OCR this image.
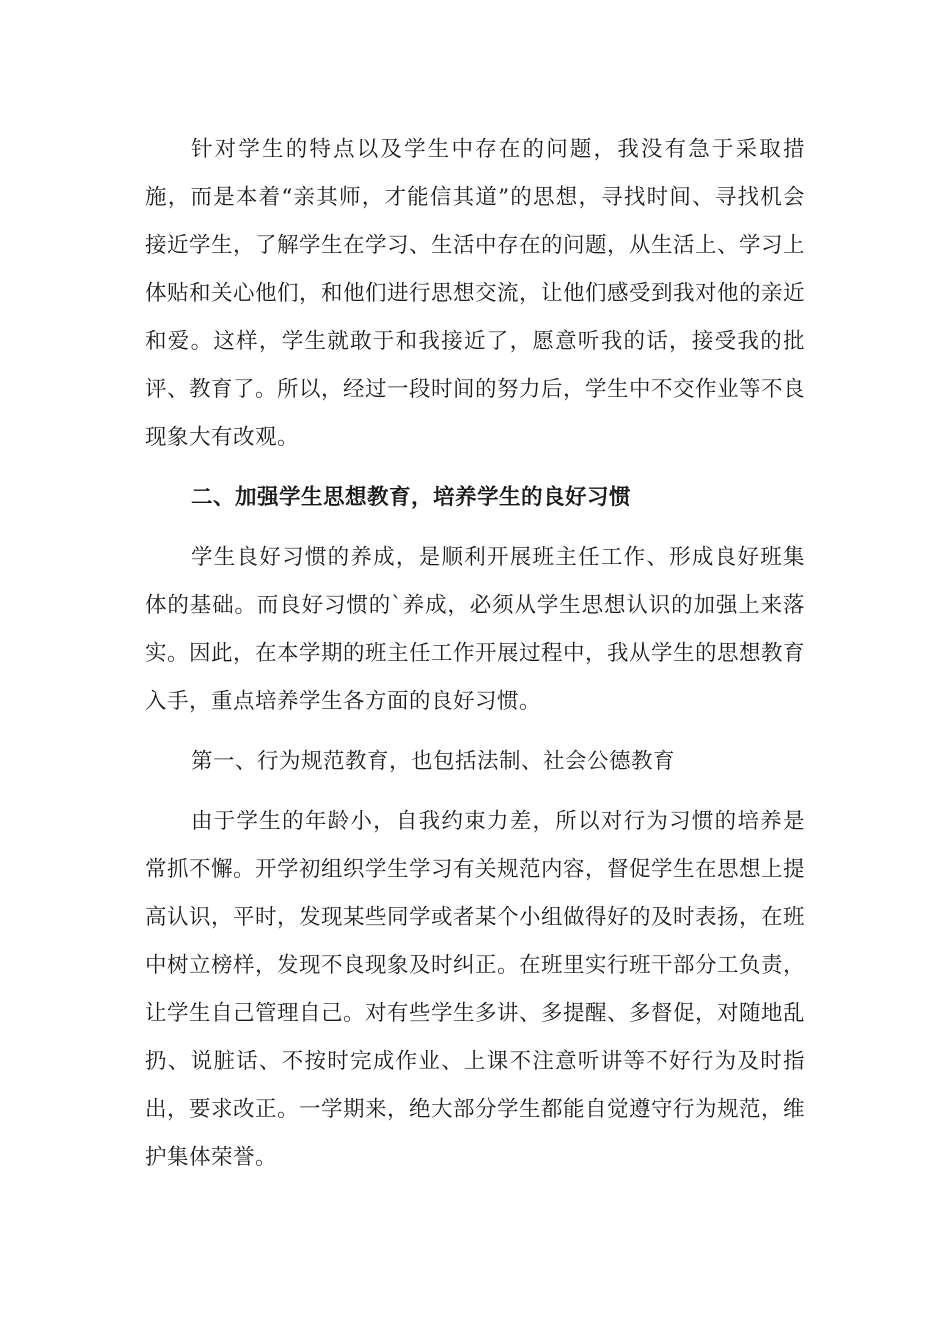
针对学生的特点以及学生中存在的问题，我没有急于采取措施，而是本着“亲其师，才能信其道”的思想，寻找时间、寻找机会接近学生，了解学生在学习、生活中存在的问题，从生活上、学习上体贴和关心他们，和他们进行思想交流，让他们感受到我对他的亲近和爱。这样，学生就敢于和我接近了，愿意听我的话，接受我的批评、教育了。所以，经过一段时间的努力后，学生中不交作业等不良现象大有改观。

二、加强学生思想教育，培养学生的良好习惯

学生良好习惯的养成，是顺利开展班主任工作、形成良好班集体的基础。而良好习惯的`养成，必须从学生思想认识的加强上来落实。因此，在本学期的班主任工作开展过程中，我从学生的思想教育入手，重点培养学生各方面的良好习惯。

第一、行为规范教育，也包括法制、社会公德教育

由于学生的年龄小，自我约束力差，所以对行为习惯的培养是常抓不懈。开学初组织学生学习有关规范内容，督促学生在思想上提高认识，平时，发现某些同学或者某个小组做得好的及时表扬，在班中树立榜样，发现不良现象及时纠正。在班里实行班干部分工负责，让学生自己管理自己。对有些学生多讲、多提醒、多督促，对随地乱扔、说脏话、不按时完成作业、上课不注意听讲等不好行为及时指出，要求改正。一学期来，绝大部分学生都能自觉遵守行为规范，维护集体荣誉。
